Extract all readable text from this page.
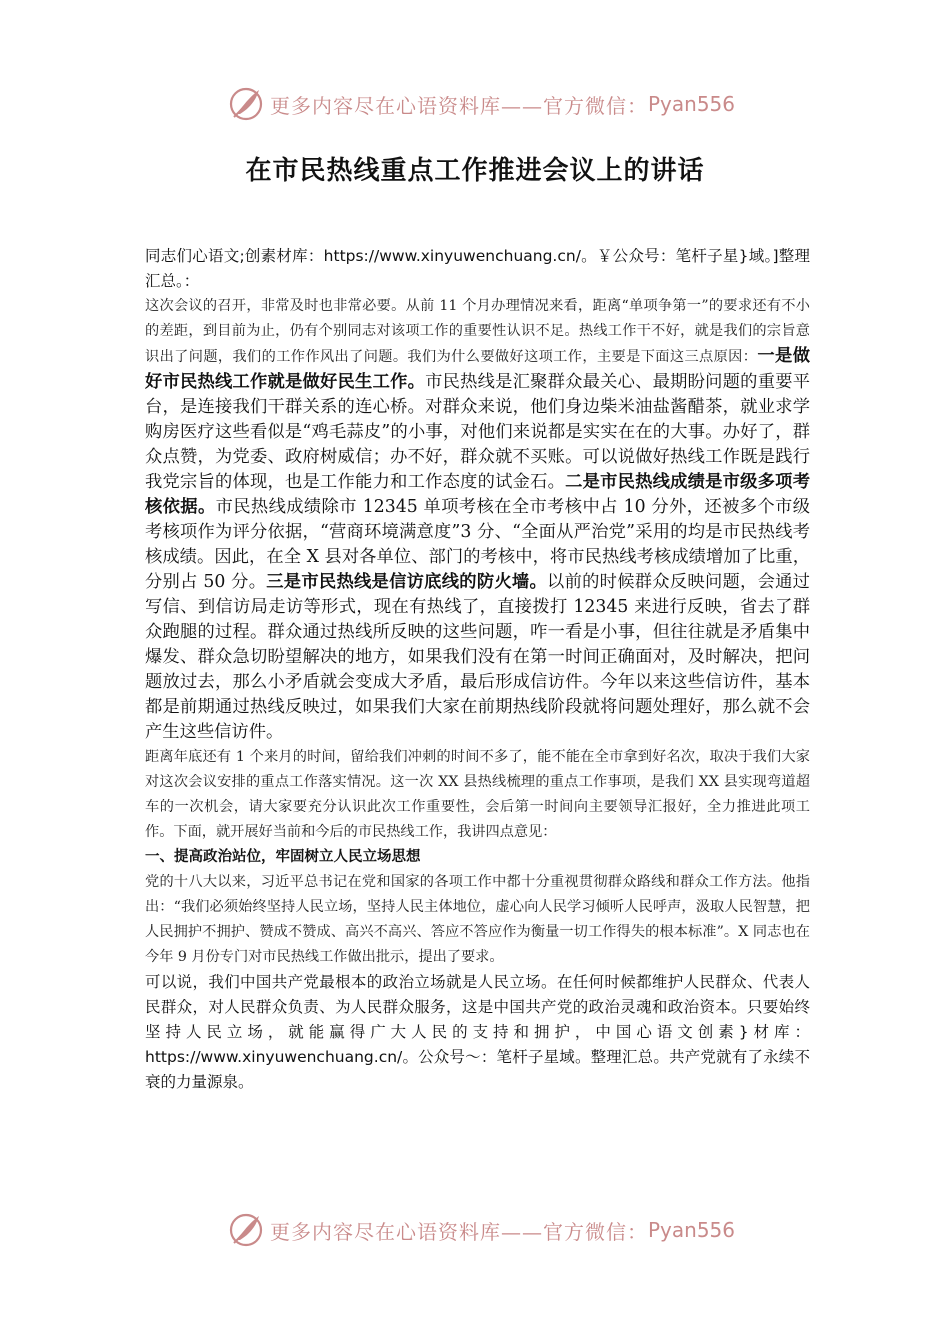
更多内容尽在心语资料库——官方微信： Pyan556
在市民热线重点工作推进会议上的讲话

同志们心语文;创素材库：https://www.xinyuwenchuang.cn/。￥公众号：笔杆子星}域。]整理汇总。：

这次会议的召开，非常及时也非常必要。从前 11 个月办理情况来看，距离“单项争第一”的要求还有不小的差距，到目前为止，仍有个别同志对该项工作的重要性认识不足。热线工作干不好，就是我们的宗旨意识出了问题，我们的工作作风出了问题。我们为什么要做好这项工作，主要是下面这三点原因：一是做好市民热线工作就是做好民生工作。市民热线是汇聚群众最关心、最期盼问题的重要平台，是连接我们干群关系的连心桥。对群众来说，他们身边柴米油盐酱醋茶，就业求学购房医疗这些看似是“鸡毛蒜皮”的小事，对他们来说都是实实在在的大事。办好了，群众点赞，为党委、政府树威信；办不好，群众就不买账。可以说做好热线工作既是践行我党宗旨的体现，也是工作能力和工作态度的试金石。二是市民热线成绩是市级多项考核依据。市民热线成绩除市 12345 单项考核在全市考核中占 10 分外，还被多个市级考核项作为评分依据，“营商环境满意度”3 分、“全面从严治党”采用的均是市民热线考核成绩。因此，在全 X 县对各单位、部门的考核中，将市民热线考核成绩增加了比重，分别占 50 分。三是市民热线是信访底线的防火墙。以前的时候群众反映问题，会通过写信、到信访局走访等形式，现在有热线了，直接拨打 12345 来进行反映，省去了群众跑腿的过程。群众通过热线所反映的这些问题，咋一看是小事，但往往就是矛盾集中爆发、群众急切盼望解决的地方，如果我们没有在第一时间正确面对，及时解决，把问题放过去，那么小矛盾就会变成大矛盾，最后形成信访件。今年以来这些信访件，基本都是前期通过热线反映过，如果我们大家在前期热线阶段就将问题处理好，那么就不会产生这些信访件。

距离年底还有 1 个来月的时间，留给我们冲刺的时间不多了，能不能在全市拿到好名次，取决于我们大家对这次会议安排的重点工作落实情况。这一次 XX 县热线梳理的重点工作事项，是我们 XX 县实现弯道超车的一次机会，请大家要充分认识此次工作重要性，会后第一时间向主要领导汇报好，全力推进此项工作。下面，就开展好当前和今后的市民热线工作，我讲四点意见：

一、提高政治站位，牢固树立人民立场思想

党的十八大以来，习近平总书记在党和国家的各项工作中都十分重视贯彻群众路线和群众工作方法。他指出：“我们必须始终坚持人民立场，坚持人民主体地位，虚心向人民学习倾听人民呼声，汲取人民智慧，把人民拥护不拥护、赞成不赞成、高兴不高兴、答应不答应作为衡量一切工作得失的根本标准”。X 同志也在今年 9 月份专门对市民热线工作做出批示，提出了要求。

可以说，我们中国共产党最根本的政治立场就是人民立场。在任何时候都维护人民群众、代表人民群众，对人民群众负责、为人民群众服务，这是中国共产党的政治灵魂和政治资本。只要始终坚持人民立场，就能赢得广大人民的支持和拥护，中国心语文创素}材库：https://www.xinyuwenchuang.cn/。公众号～：笔杆子星域。整理汇总。共产党就有了永续不衰的力量源泉。

更多内容尽在心语资料库——官方微信： Pyan556
